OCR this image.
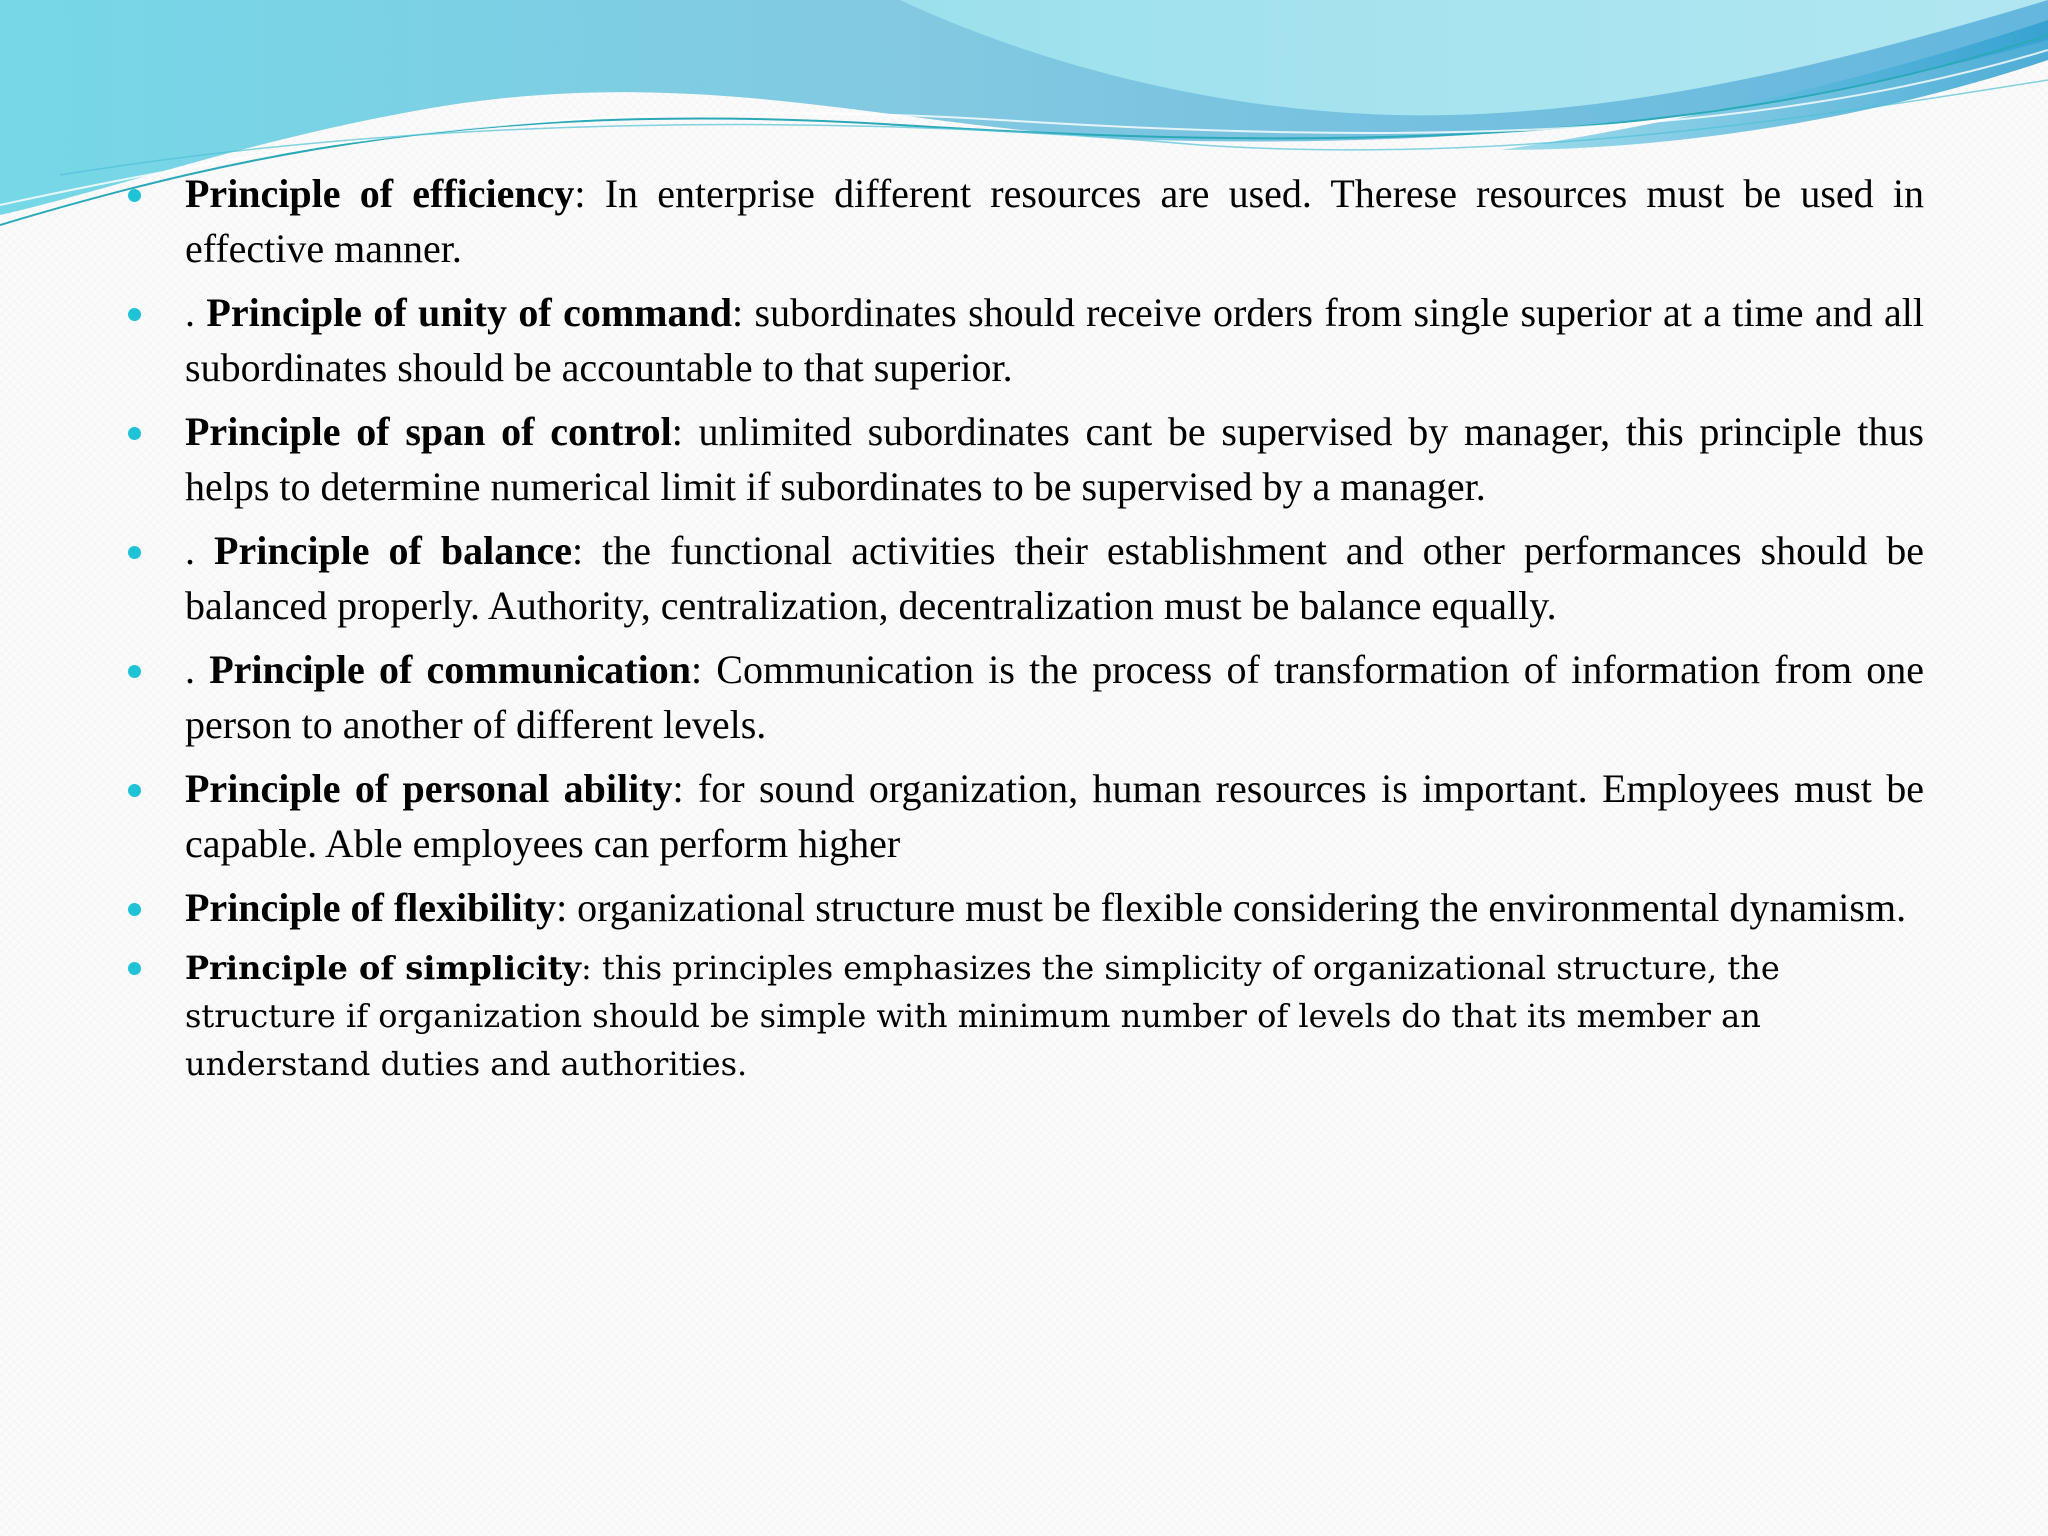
Principle of efficiency: In enterprise different resources are used. Therese resources must be used in effective manner.
. Principle of unity of command: subordinates should receive orders from single superior at a time and all subordinates should be accountable to that superior.
Principle of span of control: unlimited subordinates cant be supervised by manager, this principle thus helps to determine numerical limit if subordinates to be supervised by a manager.
. Principle of balance: the functional activities their establishment and other performances should be balanced properly. Authority, centralization, decentralization must be balance equally.
. Principle of communication: Communication is the process of transformation of information from one person to another of different levels.
Principle of personal ability: for sound organization, human resources is important. Employees must be capable. Able employees can perform higher
Principle of flexibility: organizational structure must be flexible considering the environmental dynamism.
Principle of simplicity: this principles emphasizes the simplicity of organizational structure, the structure if organization should be simple with minimum number of levels do that its member an understand duties and authorities.
